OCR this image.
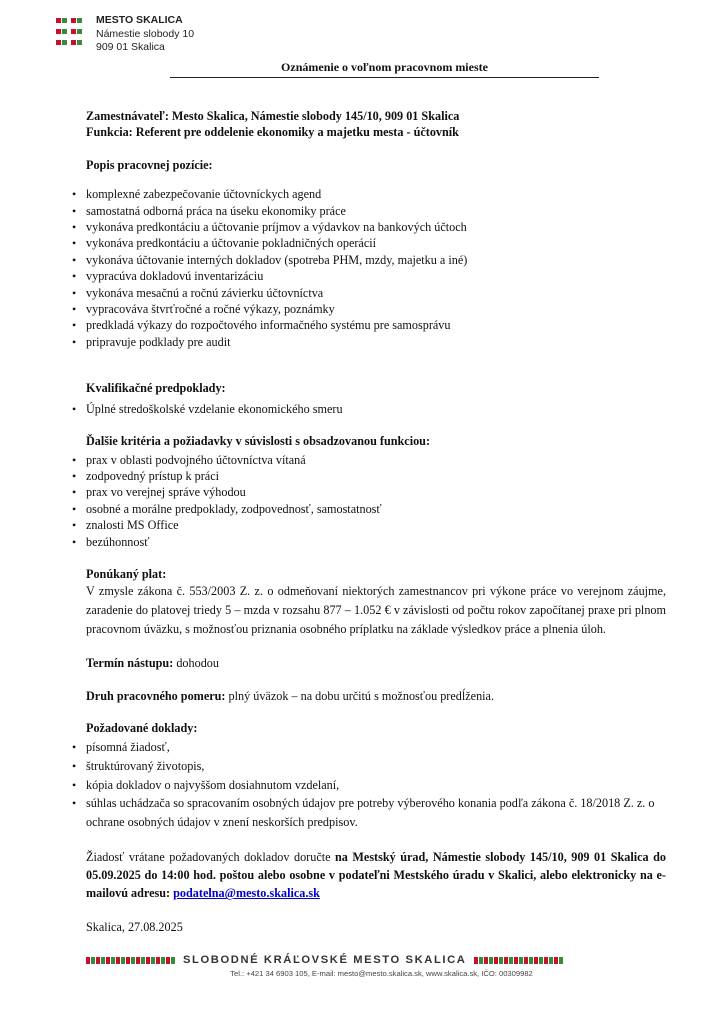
MESTO SKALICA
Námestie slobody 10
909 01 Skalica
Oznámenie o voľnom pracovnom mieste

Zamestnávateľ: Mesto Skalica, Námestie slobody 145/10, 909 01 Skalica

Funkcia: Referent pre oddelenie ekonomiky a majetku mesta - účtovník

Popis pracovnej pozície:

• komplexné zabezpečovanie účtovníckych agend
• samostatná odborná práca na úseku ekonomiky práce
• vykonáva predkontáciu a účtovanie príjmov a výdavkov na bankových účtoch
• vykonáva predkontáciu a účtovanie pokladničných operácií
• vykonáva účtovanie interných dokladov (spotreba PHM, mzdy, majetku a iné)
• vypracúva dokladovú inventarizáciu
• vykonáva mesačnú a ročnú závierku účtovníctva
• vypracováva štvrťročné a ročné výkazy, poznámky
• predkladá výkazy do rozpočtového informačného systému pre samosprávu
• pripravuje podklady pre audit

Kvalifikačné predpoklady:

• Úplné stredoškolské vzdelanie ekonomického smeru

Ďalšie kritéria a požiadavky v súvislosti s obsadzovanou funkciou:

• prax v oblasti podvojného účtovníctva vítaná
• zodpovedný prístup k práci
• prax vo verejnej správe výhodou
• osobné a morálne predpoklady, zodpovednosť, samostatnosť
• znalosti MS Office
• bezúhonnosť

Ponúkaný plat:

V zmysle zákona č. 553/2003 Z. z. o odmeňovaní niektorých zamestnancov pri výkone práce vo verejnom záujme, zaradenie do platovej triedy 5 – mzda v rozsahu 877 – 1.052 € v závislosti od počtu rokov započítanej praxe pri plnom pracovnom úväzku, s možnosťou priznania osobného príplatku na základe výsledkov práce a plnenia úloh.

Termín nástupu: dohodou

Druh pracovného pomeru: plný úväzok – na dobu určitú s možnosťou predĺženia.

Požadované doklady:

• písomná žiadosť,
• štruktúrovaný životopis,
• kópia dokladov o najvyššom dosiahnutom vzdelaní,
• súhlas uchádzača so spracovaním osobných údajov pre potreby výberového konania podľa zákona č. 18/2018 Z. z. o ochrane osobných údajov v znení neskorších predpisov.

Žiadosť vrátane požadovaných dokladov doručte na Mestský úrad, Námestie slobody 145/10, 909 01 Skalica do 05.09.2025 do 14:00 hod. poštou alebo osobne v podateľni Mestského úradu v Skalici, alebo elektronicky na e-mailovú adresu: podatelna@mesto.skalica.sk

Skalica, 27.08.2025

SLOBODNÉ KRÁĽOVSKÉ MESTO SKALICA
Tel.: +421 34 6903 105, E-mail: mesto@mesto.skalica.sk, www.skalica.sk, IČO: 00309982
